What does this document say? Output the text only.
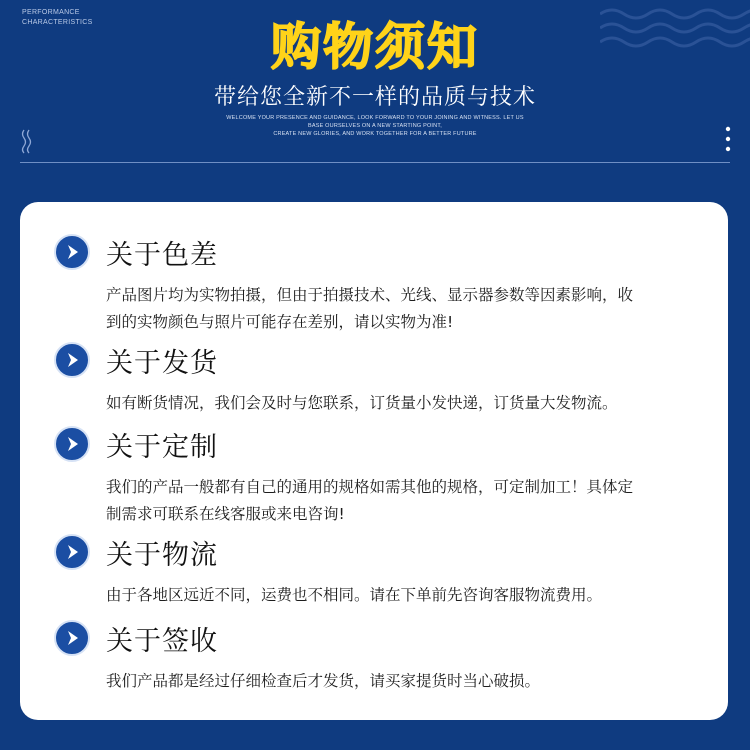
PERFORMANCE
CHARACTERISTICS	购物须知
带给您全新不一样的品质与技术
WELCOME YOUR PRESENCE AND GUIDANCE, LOOK FORWARD TO YOUR JOINING AND WITNESS. LET US
BASE OURSELVES ON A NEW STARTING POINT,
CREATE NEW GLORIES, AND WORK TOGETHER FOR A BETTER FUTURE
关于色差
产品图片均为实物拍摄，但由于拍摄技术、光线、显示器参数等因素影响，收
到的实物颜色与照片可能存在差别，请以实物为准!
关于发货
如有断货情况，我们会及时与您联系，订货量小发快递，订货量大发物流。
关于定制
我们的产品一般都有自己的通用的规格如需其他的规格，可定制加工！具体定
制需求可联系在线客服或来电咨询!
关于物流
由于各地区远近不同，运费也不相同。请在下单前先咨询客服物流费用。
关于签收
我们产品都是经过仔细检查后才发货，请买家提货时当心破损。
